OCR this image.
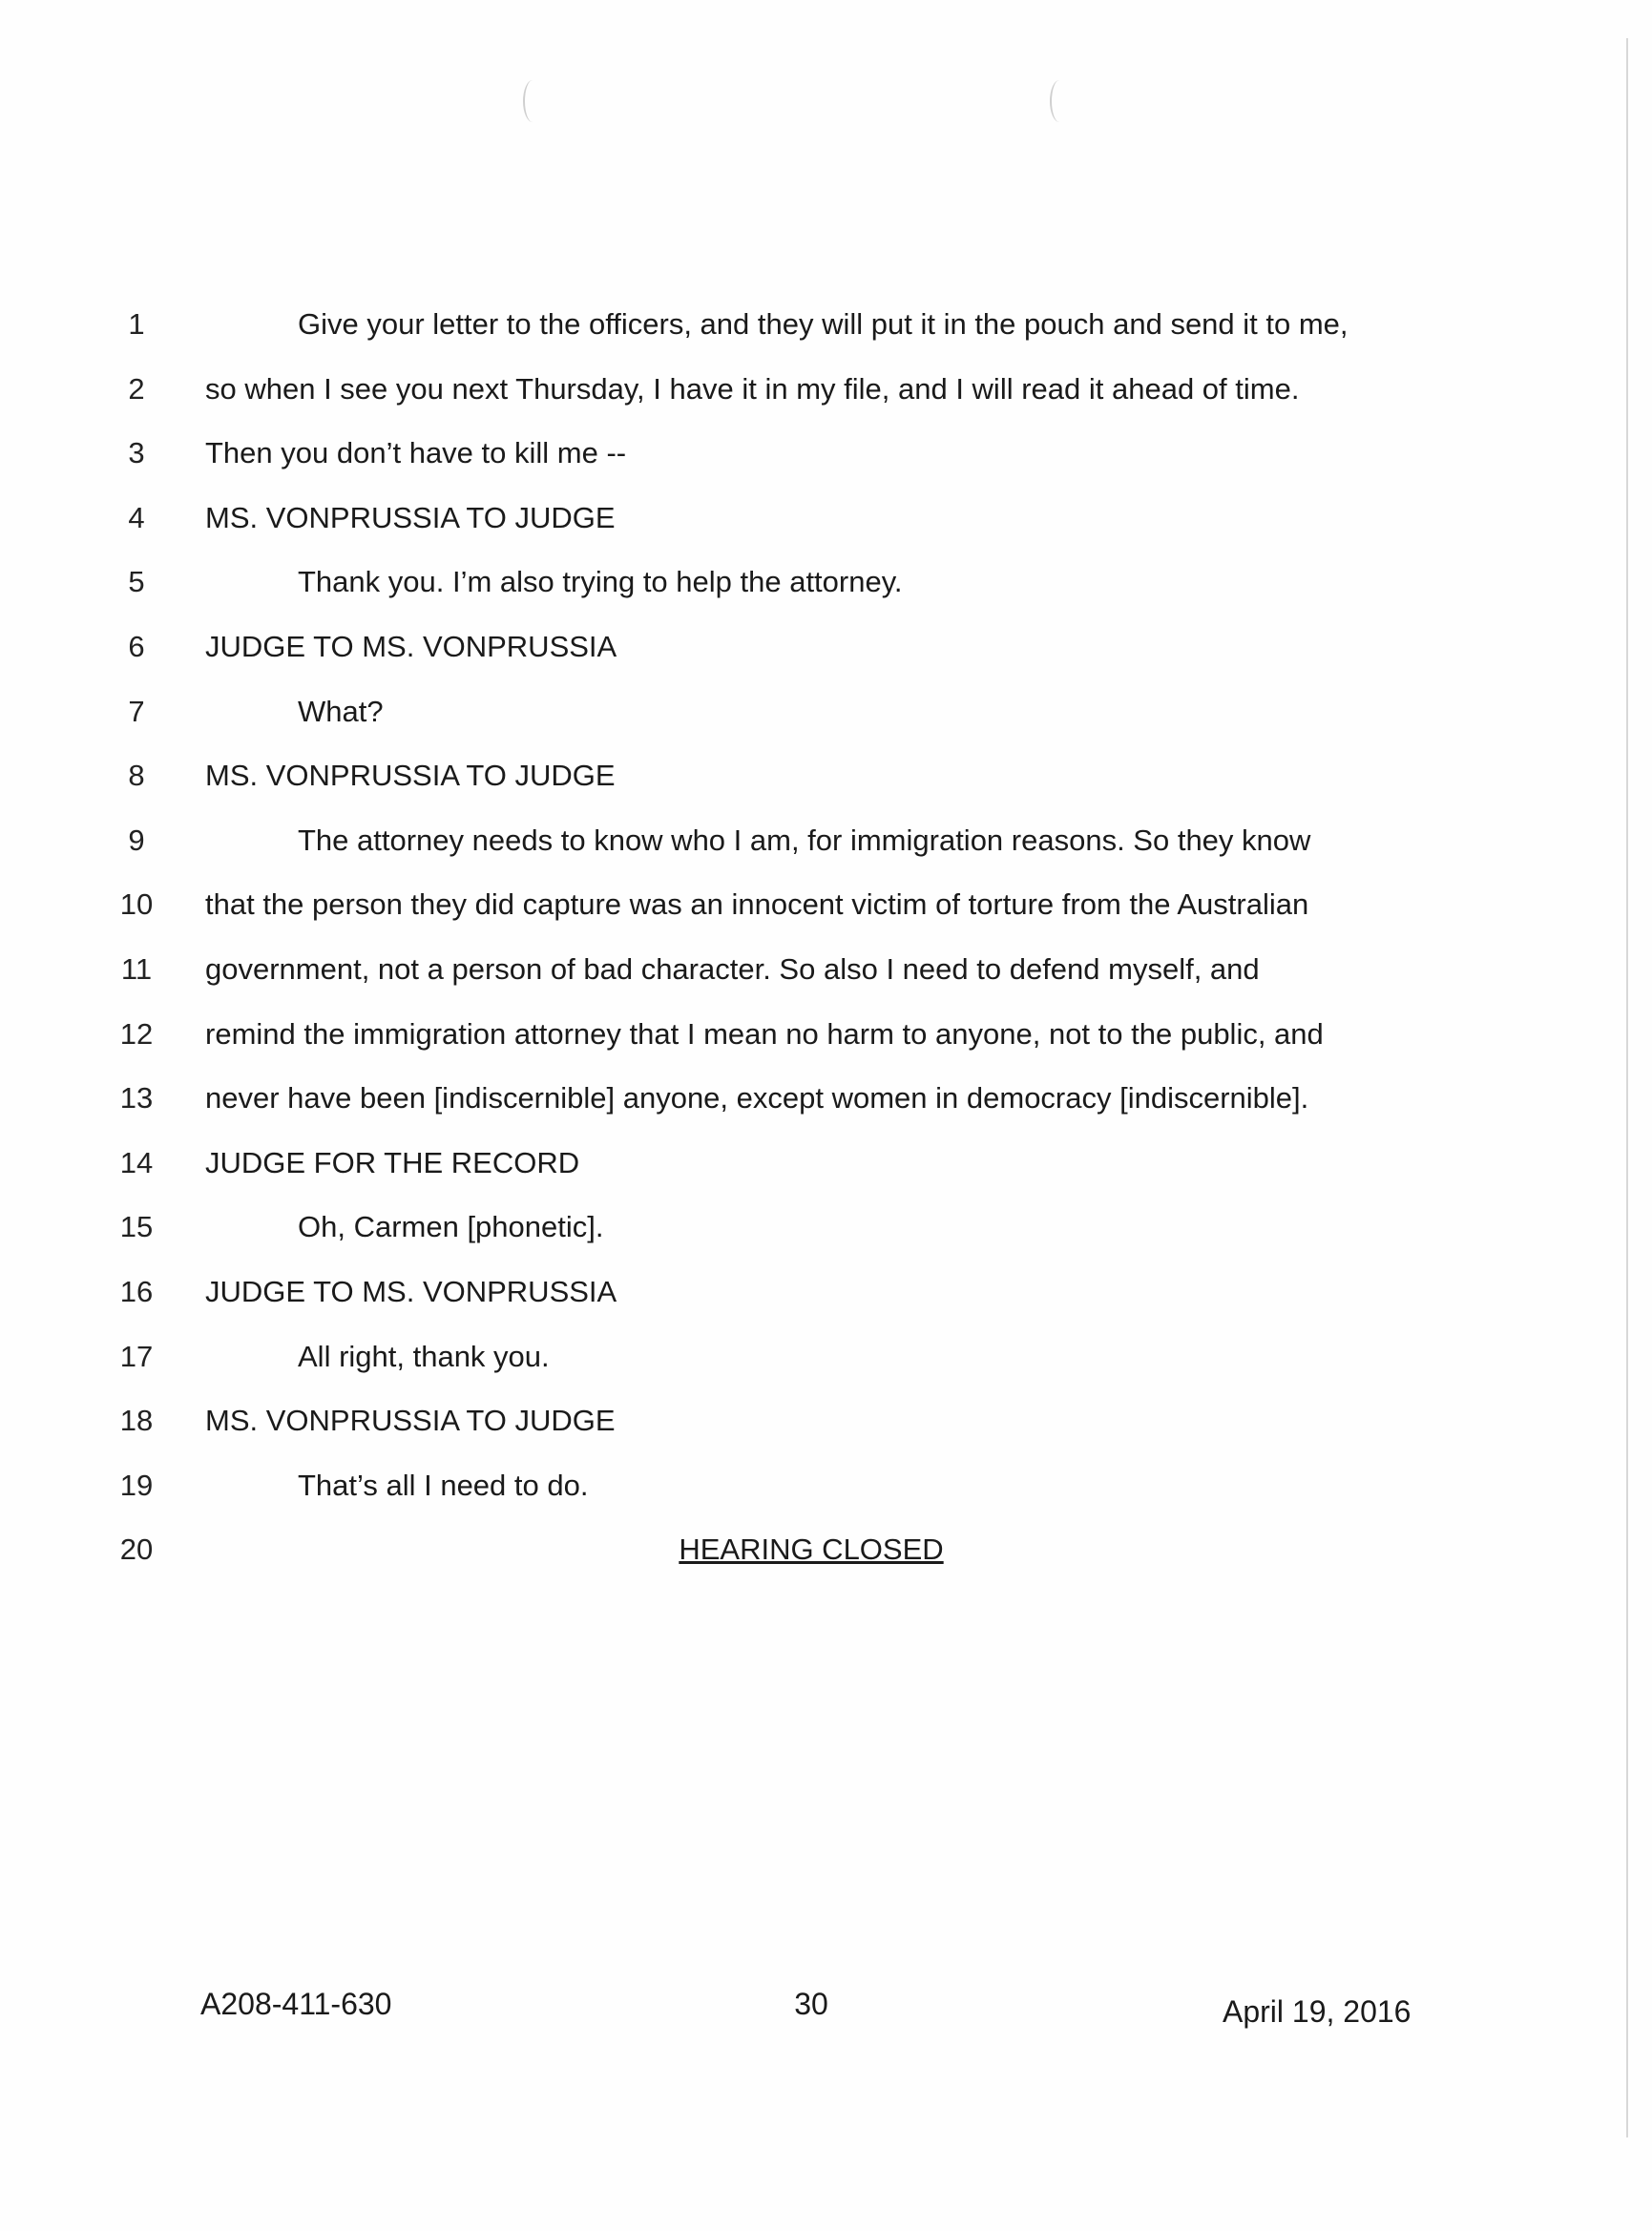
1	Give your letter to the officers, and they will put it in the pouch and send it to me,
2	so when I see you next Thursday, I have it in my file, and I will read it ahead of time.
3	Then you don’t have to kill me --
4	MS. VONPRUSSIA TO JUDGE
5	Thank you. I’m also trying to help the attorney.
6	JUDGE TO MS. VONPRUSSIA
7	What?
8	MS. VONPRUSSIA TO JUDGE
9	The attorney needs to know who I am, for immigration reasons. So they know
10 that the person they did capture was an innocent victim of torture from the Australian
11 government, not a person of bad character. So also I need to defend myself, and
12 remind the immigration attorney that I mean no harm to anyone, not to the public, and
13 never have been [indiscernible] anyone, except women in democracy [indiscernible].
14 JUDGE FOR THE RECORD
15	Oh, Carmen [phonetic].
16 JUDGE TO MS. VONPRUSSIA
17	All right, thank you.
18 MS. VONPRUSSIA TO JUDGE
19	That’s all I need to do.
20	HEARING CLOSED
A208-411-630	30	April 19, 2016
